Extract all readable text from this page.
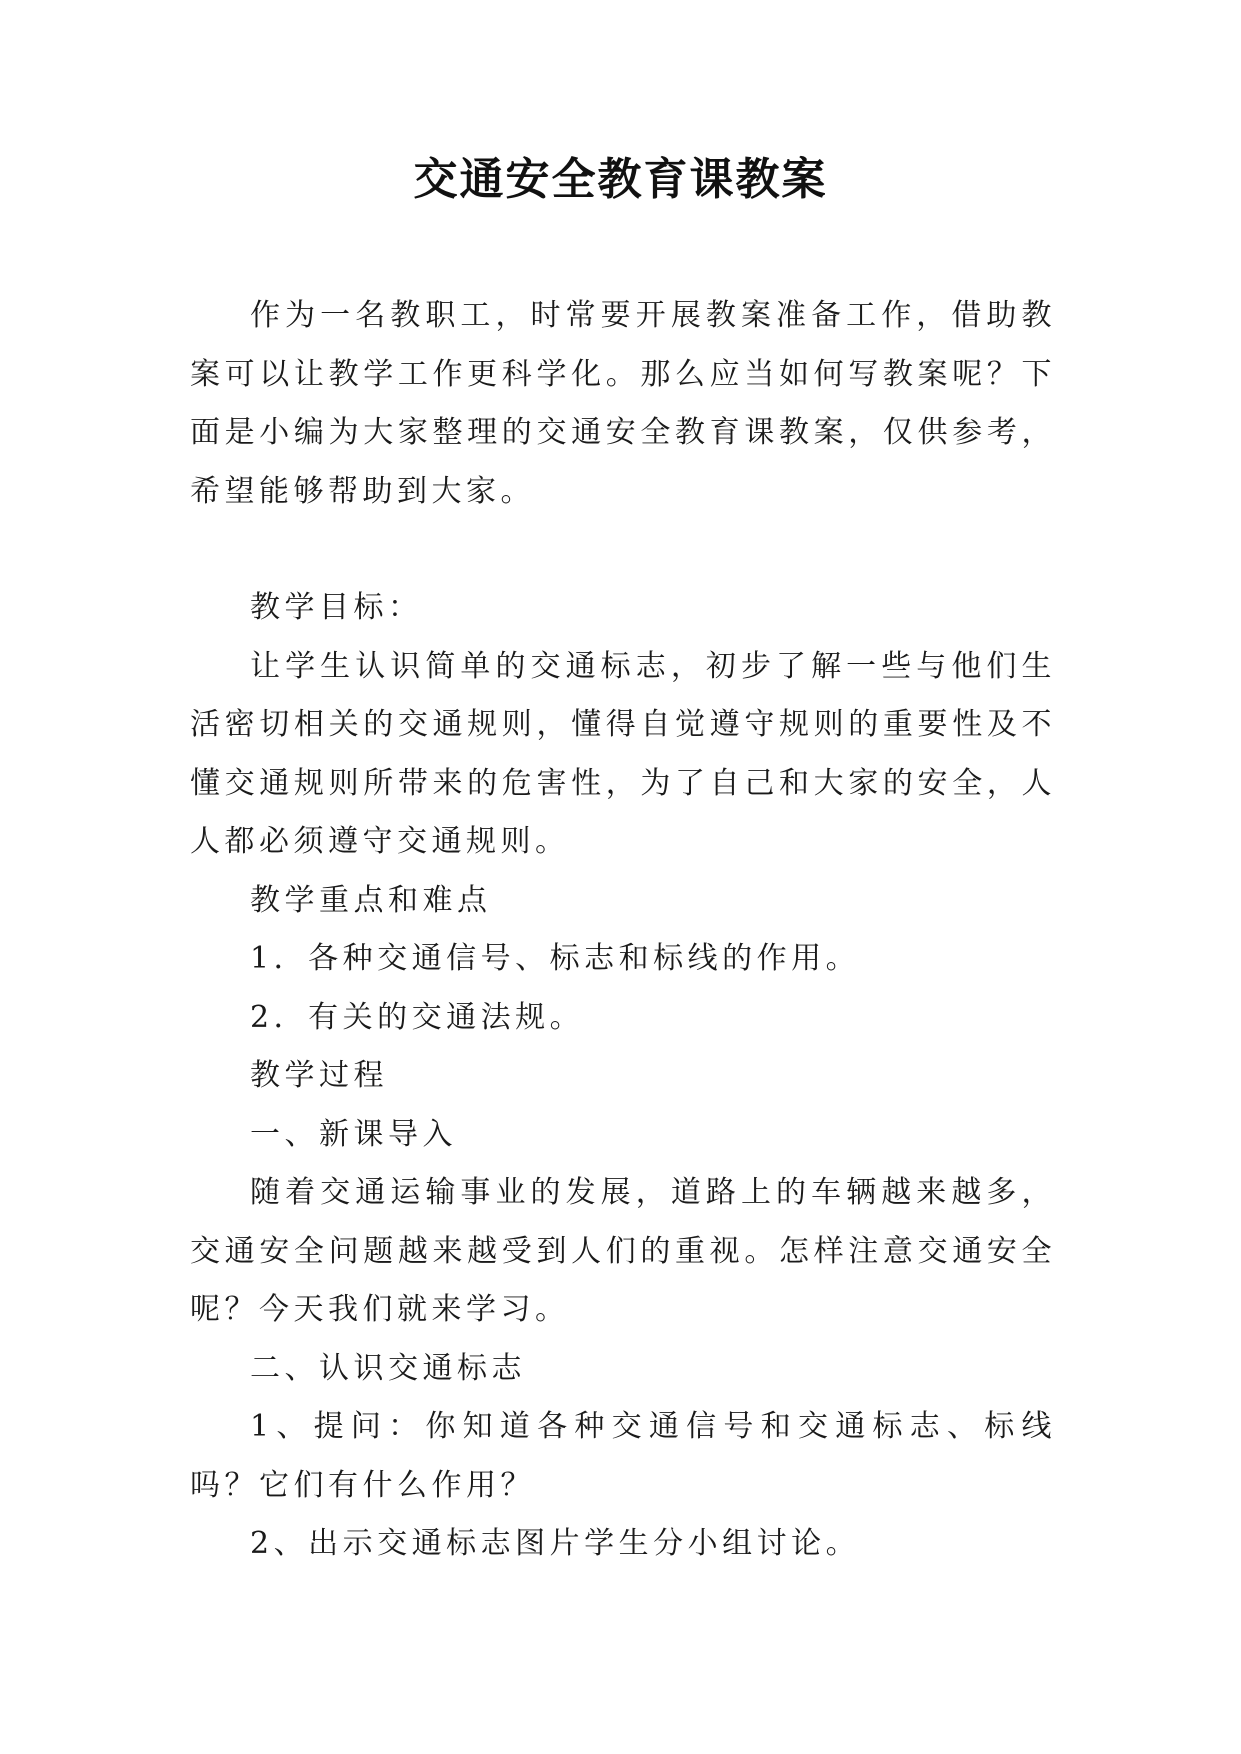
交通安全教育课教案

作为一名教职工，时常要开展教案准备工作，借助教案可以让教学工作更科学化。那么应当如何写教案呢？下面是小编为大家整理的交通安全教育课教案，仅供参考，希望能够帮助到大家。

教学目标：

让学生认识简单的交通标志，初步了解一些与他们生活密切相关的交通规则，懂得自觉遵守规则的重要性及不懂交通规则所带来的危害性，为了自己和大家的安全，人人都必须遵守交通规则。

教学重点和难点

1．各种交通信号、标志和标线的作用。

2．有关的交通法规。

教学过程

一、新课导入

随着交通运输事业的发展，道路上的车辆越来越多，交通安全问题越来越受到人们的重视。怎样注意交通安全呢？今天我们就来学习。

二、认识交通标志

1、提问：你知道各种交通信号和交通标志、标线吗？它们有什么作用？

2、出示交通标志图片学生分小组讨论。
